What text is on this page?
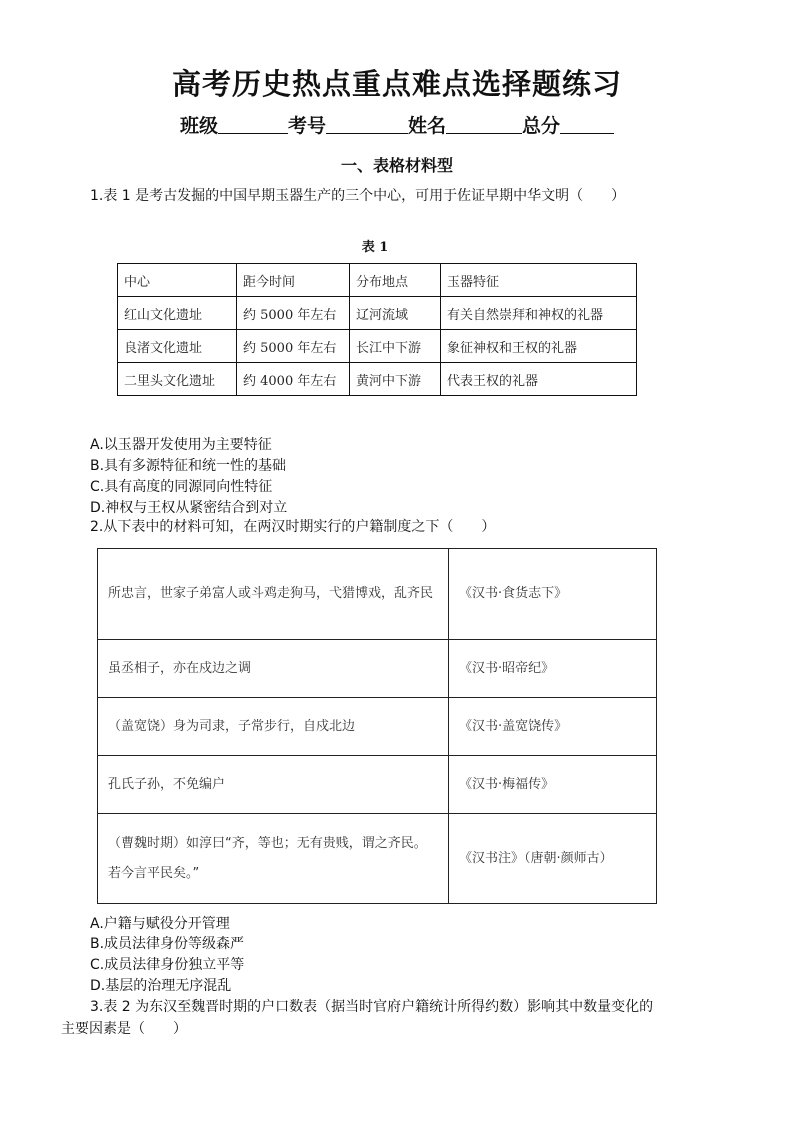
高考历史热点重点难点选择题练习
班级	考号	姓名	总分
一、表格材料型
1.表 1 是考古发掘的中国早期玉器生产的三个中心，可用于佐证早期中华文明（　　）
表 1
中心	距今时间	分布地点	玉器特征
红山文化遗址	约 5000 年左右	辽河流域	有关自然崇拜和神权的礼器
良渚文化遗址	约 5000 年左右	长江中下游	象征神权和王权的礼器
二里头文化遗址	约 4000 年左右	黄河中下游	代表王权的礼器
A.以玉器开发使用为主要特征
B.具有多源特征和统一性的基础
C.具有高度的同源同向性特征
D.神权与王权从紧密结合到对立
2.从下表中的材料可知，在两汉时期实行的户籍制度之下（　　）
所忠言，世家子弟富人或斗鸡走狗马，弋猎博戏，乱齐民	《汉书·食货志下》
虽丞相子，亦在戍边之调	《汉书·昭帝纪》
（盖宽饶）身为司隶，子常步行，自戍北边	《汉书·盖宽饶传》
孔氏子孙，不免编户	《汉书·梅福传》
（曹魏时期）如淳曰“齐，等也；无有贵贱，谓之齐民。若今言平民矣。”	《汉书注》（唐朝·颜师古）
A.户籍与赋役分开管理
B.成员法律身份等级森严
C.成员法律身份独立平等
D.基层的治理无序混乱
3.表 2 为东汉至魏晋时期的户口数表（据当时官府户籍统计所得约数）影响其中数量变化的
主要因素是（　　）
